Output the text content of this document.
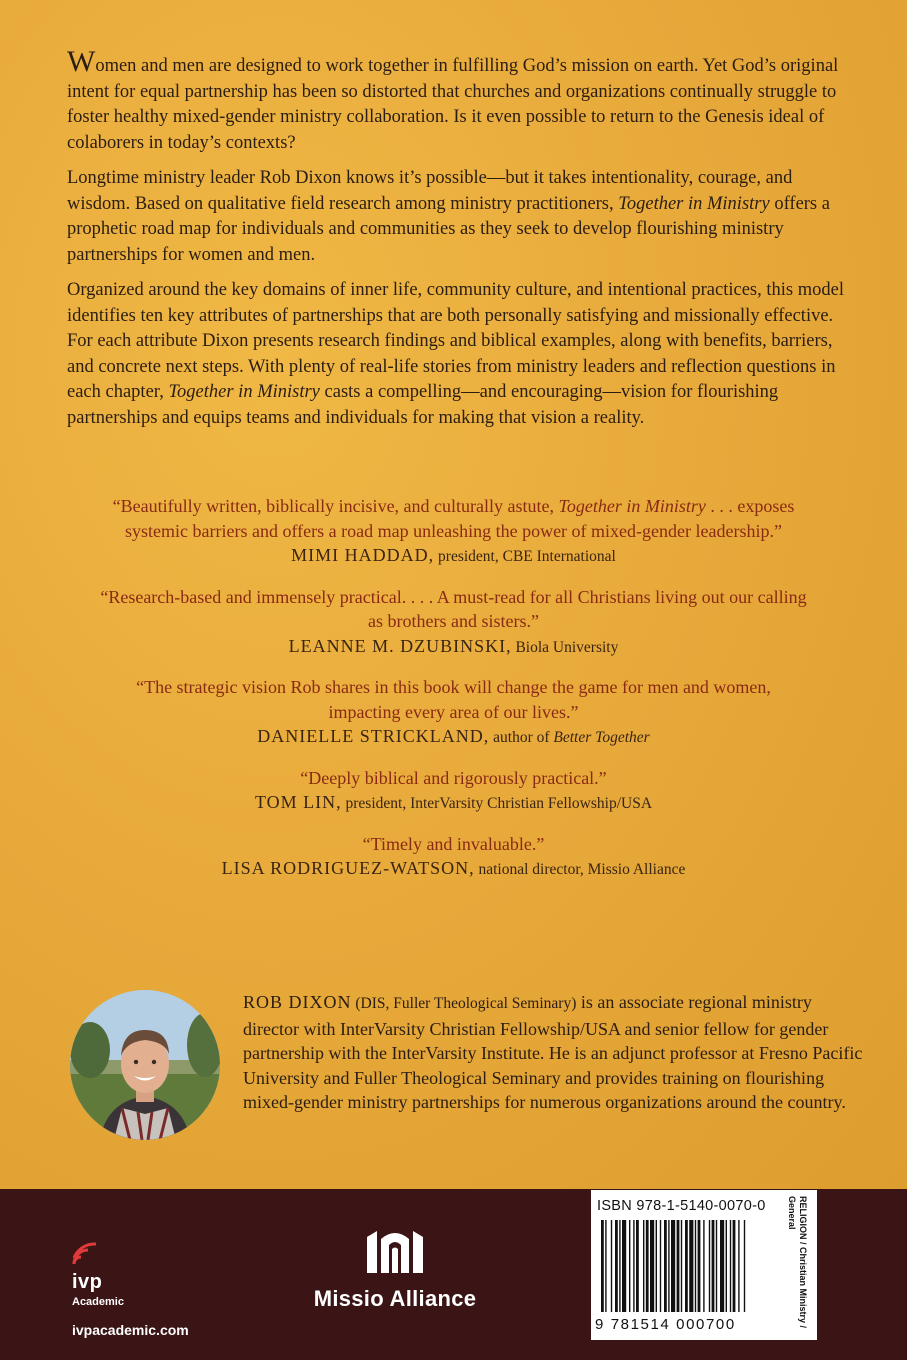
Women and men are designed to work together in fulfilling God’s mission on earth. Yet God’s original intent for equal partnership has been so distorted that churches and organizations continually struggle to foster healthy mixed-gender ministry collaboration. Is it even possible to return to the Genesis ideal of colaborers in today’s contexts?

Longtime ministry leader Rob Dixon knows it’s possible—but it takes intentionality, courage, and wisdom. Based on qualitative field research among ministry practitioners, Together in Ministry offers a prophetic road map for individuals and communities as they seek to develop flourishing ministry partnerships for women and men.

Organized around the key domains of inner life, community culture, and intentional practices, this model identifies ten key attributes of partnerships that are both personally satisfying and missionally effective. For each attribute Dixon presents research findings and biblical examples, along with benefits, barriers, and concrete next steps. With plenty of real-life stories from ministry leaders and reflection questions in each chapter, Together in Ministry casts a compelling—and encouraging—vision for flourishing partnerships and equips teams and individuals for making that vision a reality.

“Beautifully written, biblically incisive, and culturally astute, Together in Ministry . . . exposes systemic barriers and offers a road map unleashing the power of mixed-gender leadership.”
MIMI HADDAD, president, CBE International
“Research-based and immensely practical. . . . A must-read for all Christians living out our calling as brothers and sisters.”
LEANNE M. DZUBINSKI, Biola University
“The strategic vision Rob shares in this book will change the game for men and women, impacting every area of our lives.”
DANIELLE STRICKLAND, author of Better Together
“Deeply biblical and rigorously practical.”
TOM LIN, president, InterVarsity Christian Fellowship/USA
“Timely and invaluable.”
LISA RODRIGUEZ-WATSON, national director, Missio Alliance
ROB DIXON (DIS, Fuller Theological Seminary) is an associate regional ministry director with InterVarsity Christian Fellowship/USA and senior fellow for gender partnership with the InterVarsity Institute. He is an adjunct professor at Fresno Pacific University and Fuller Theological Seminary and provides training on flourishing mixed-gender ministry partnerships for numerous organizations around the country.
ivp
Academic
ivpacademic.com
Missio Alliance
ISBN 978-1-5140-0070-0
9 781514 000700	RELIGION / Christian Ministry / General
